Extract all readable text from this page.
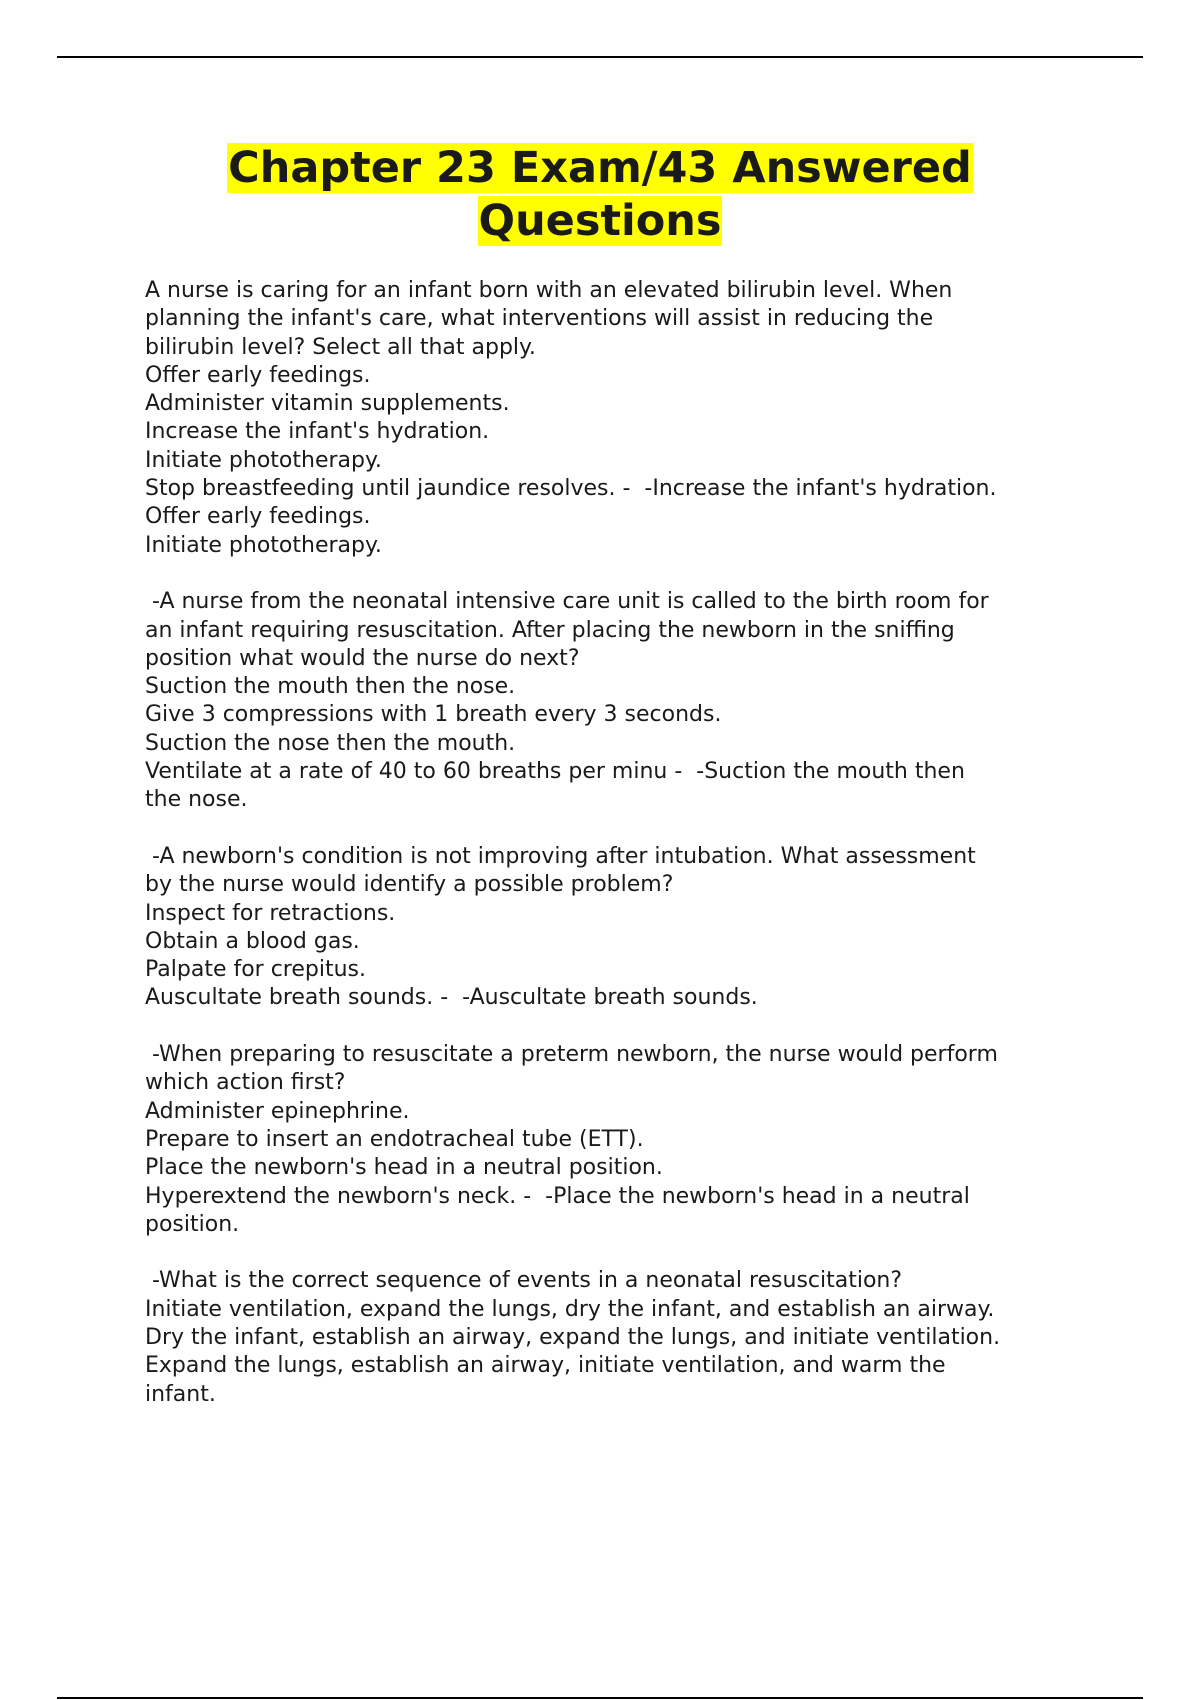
Chapter 23 Exam/43 Answered
Questions
A nurse is caring for an infant born with an elevated bilirubin level. When
planning the infant's care, what interventions will assist in reducing the
bilirubin level? Select all that apply.
Offer early feedings.
Administer vitamin supplements.
Increase the infant's hydration.
Initiate phototherapy.
Stop breastfeeding until jaundice resolves. -  -Increase the infant's hydration.
Offer early feedings.
Initiate phototherapy.
-A nurse from the neonatal intensive care unit is called to the birth room for
an infant requiring resuscitation. After placing the newborn in the sniffing
position what would the nurse do next?
Suction the mouth then the nose.
Give 3 compressions with 1 breath every 3 seconds.
Suction the nose then the mouth.
Ventilate at a rate of 40 to 60 breaths per minu -  -Suction the mouth then
the nose.
-A newborn's condition is not improving after intubation. What assessment
by the nurse would identify a possible problem?
Inspect for retractions.
Obtain a blood gas.
Palpate for crepitus.
Auscultate breath sounds. -  -Auscultate breath sounds.
-When preparing to resuscitate a preterm newborn, the nurse would perform
which action first?
Administer epinephrine.
Prepare to insert an endotracheal tube (ETT).
Place the newborn's head in a neutral position.
Hyperextend the newborn's neck. -  -Place the newborn's head in a neutral
position.
-What is the correct sequence of events in a neonatal resuscitation?
Initiate ventilation, expand the lungs, dry the infant, and establish an airway.
Dry the infant, establish an airway, expand the lungs, and initiate ventilation.
Expand the lungs, establish an airway, initiate ventilation, and warm the
infant.
